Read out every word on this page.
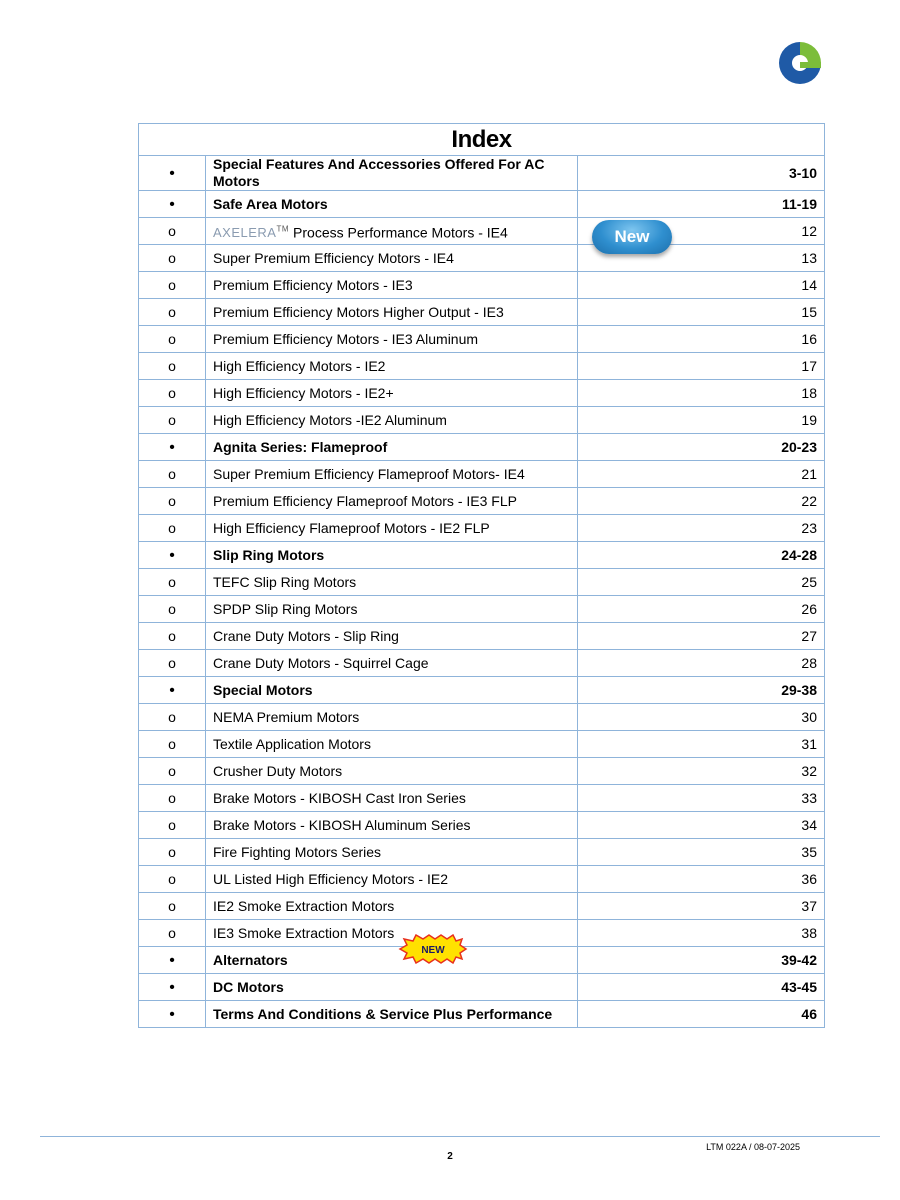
Index		
•	Special Features And Accessories Offered For AC Motors	3-10
•	Safe Area Motors	11-19
o	AXELERA™ Process Performance Motors - IE4	12
o	Super Premium Efficiency Motors - IE4	13
o	Premium Efficiency Motors - IE3	14
o	Premium Efficiency Motors Higher Output - IE3	15
o	Premium Efficiency Motors - IE3 Aluminum	16
o	High Efficiency Motors - IE2	17
o	High Efficiency Motors - IE2+	18
o	High Efficiency Motors -IE2 Aluminum	19
•	Agnita Series: Flameproof	20-23
o	Super Premium Efficiency Flameproof Motors- IE4	21
o	Premium Efficiency Flameproof Motors - IE3 FLP	22
o	High Efficiency Flameproof Motors - IE2 FLP	23
•	Slip Ring Motors	24-28
o	TEFC Slip Ring Motors	25
o	SPDP Slip Ring Motors	26
o	Crane Duty Motors - Slip Ring	27
o	Crane Duty Motors - Squirrel Cage	28
•	Special Motors	29-38
o	NEMA Premium Motors	30
o	Textile Application Motors	31
o	Crusher Duty Motors	32
o	Brake Motors - KIBOSH Cast Iron Series	33
o	Brake Motors - KIBOSH Aluminum Series	34
o	Fire Fighting Motors Series	35
o	UL Listed High Efficiency Motors - IE2	36
o	IE2 Smoke Extraction Motors	37
o	IE3 Smoke Extraction Motors	38
•	Alternators	39-42
•	DC Motors	43-45
•	Terms And Conditions & Service Plus Performance	46
New
NEW
LTM 022A / 08-07-2025
2
